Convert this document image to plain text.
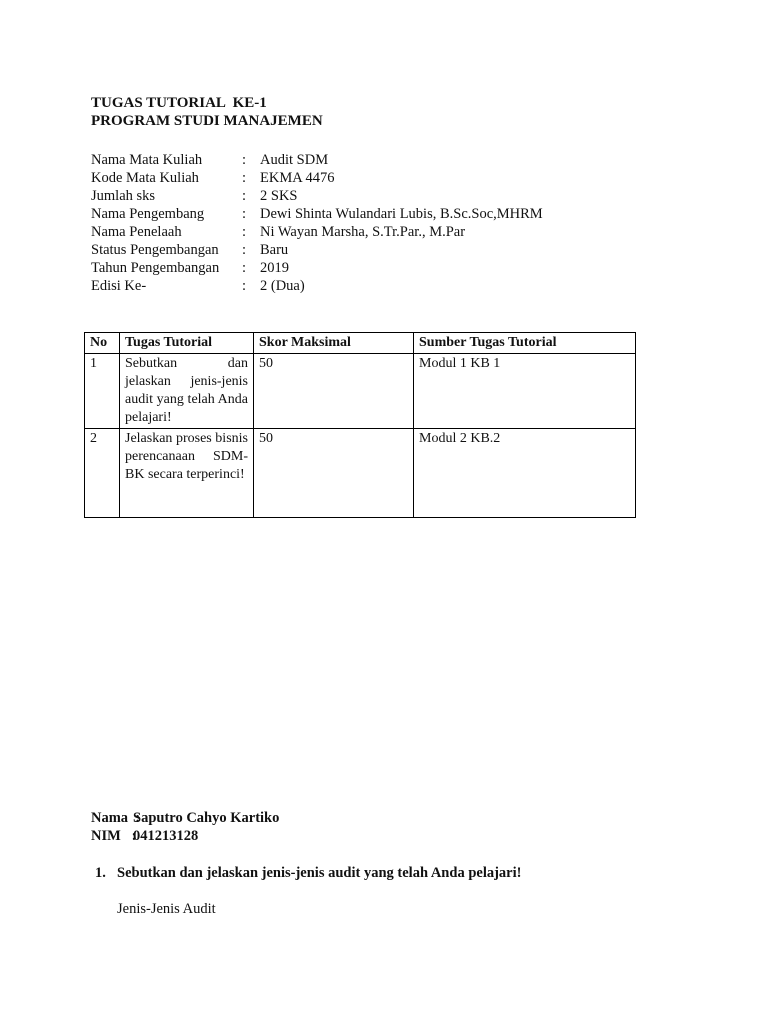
TUGAS TUTORIAL  KE-1
PROGRAM STUDI MANAJEMEN
Nama Mata Kuliah	: Audit SDM
Kode Mata Kuliah	: EKMA 4476
Jumlah sks	: 2 SKS
Nama Pengembang	: Dewi Shinta Wulandari Lubis, B.Sc.Soc,MHRM
Nama Penelaah	: Ni Wayan Marsha, S.Tr.Par., M.Par
Status Pengembangan	: Baru
Tahun Pengembangan	: 2019
Edisi Ke-	: 2 (Dua)
No	Tugas Tutorial	Skor Maksimal	Sumber Tugas Tutorial
1	Sebutkan dan jelaskan jenis-jenis audit yang telah Anda pelajari!	50	Modul 1 KB 1
2	Jelaskan proses bisnis perencanaan SDM-BK secara terperinci!	50	Modul 2 KB.2
Nama  :
Saputro Cahyo Kartiko
NIM   :
041213128
1. Sebutkan dan jelaskan jenis-jenis audit yang telah Anda pelajari!
Jenis-Jenis Audit
